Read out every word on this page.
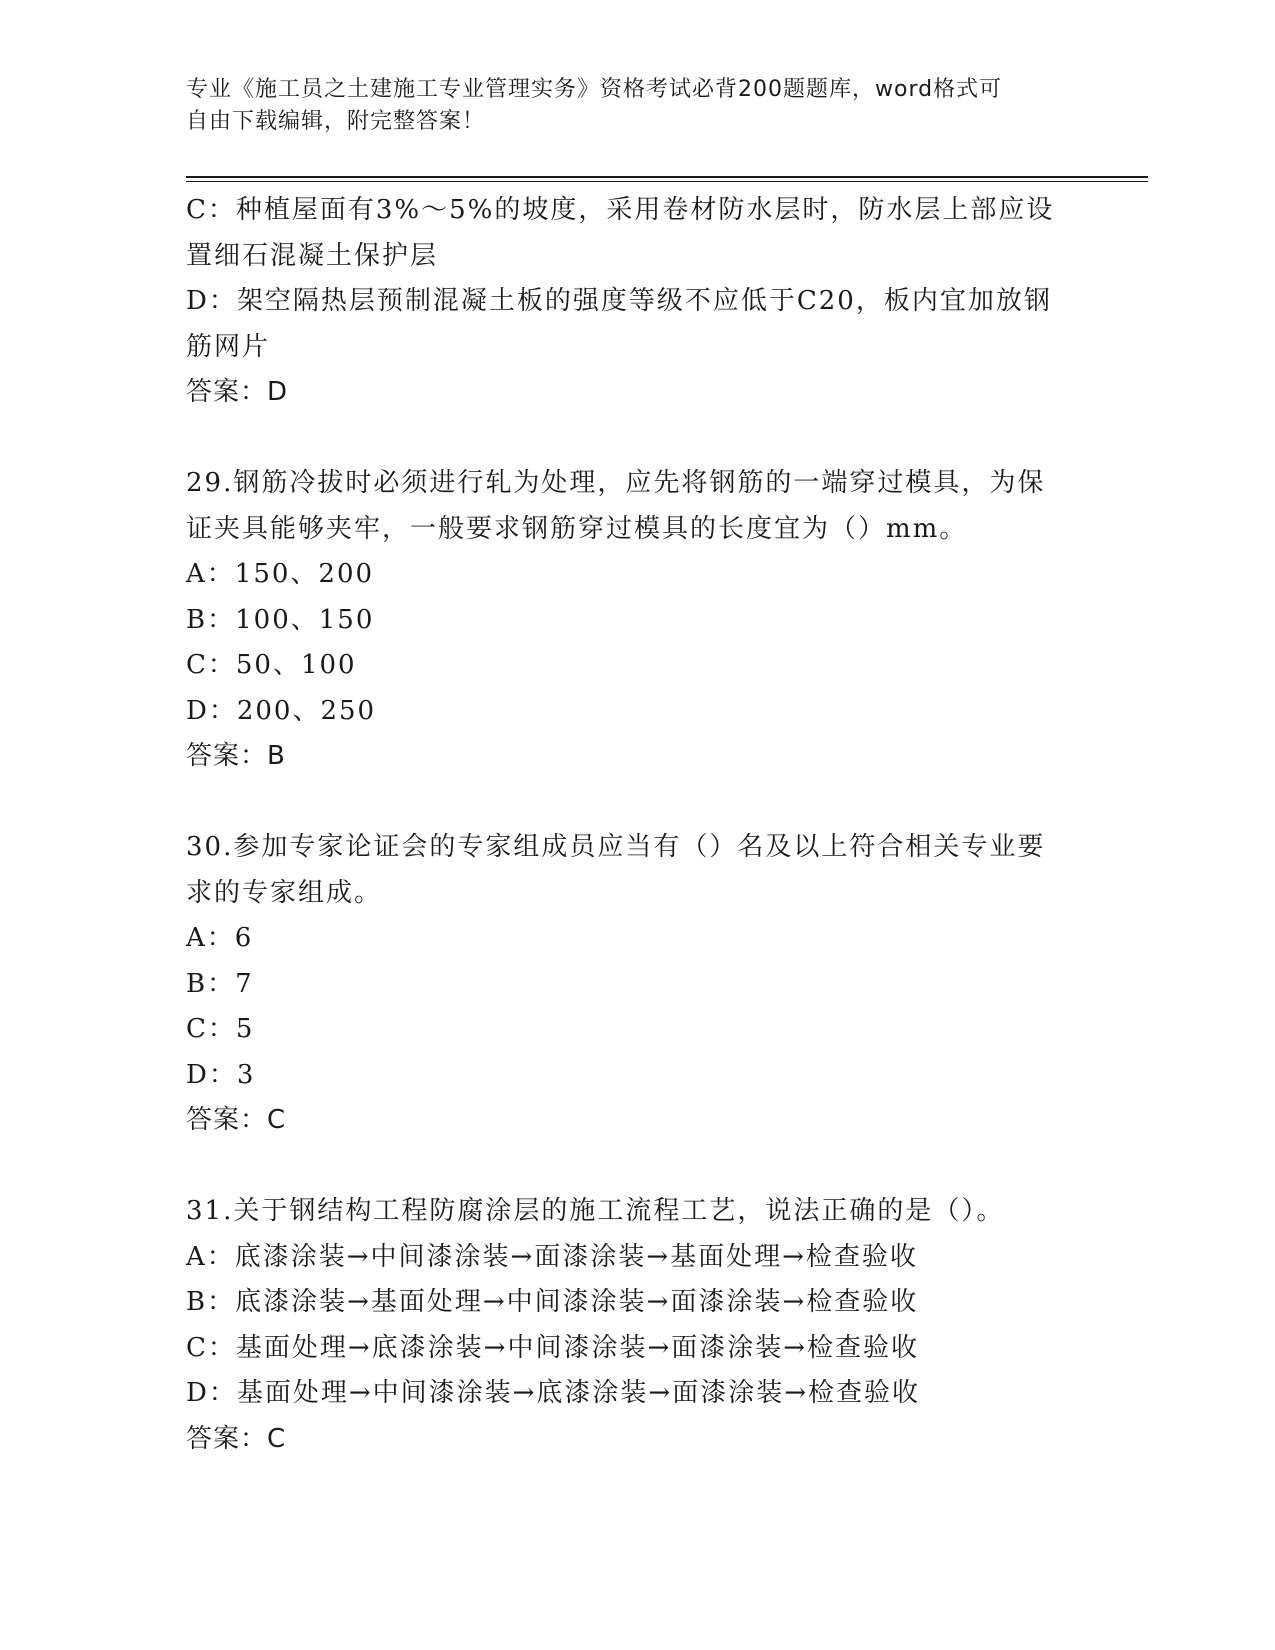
专业《施工员之土建施工专业管理实务》资格考试必背200题题库，word格式可
自由下载编辑，附完整答案！
C：种植屋面有3%～5%的坡度，采用卷材防水层时，防水层上部应设
置细石混凝土保护层
D：架空隔热层预制混凝土板的强度等级不应低于C20，板内宜加放钢
筋网片
答案：D
29.钢筋冷拔时必须进行轧为处理，应先将钢筋的一端穿过模具，为保
证夹具能够夹牢，一般要求钢筋穿过模具的长度宜为（）mm。
A：150、200
B：100、150
C：50、100
D：200、250
答案：B
30.参加专家论证会的专家组成员应当有（）名及以上符合相关专业要
求的专家组成。
A：6
B：7
C：5
D：3
答案：C
31.关于钢结构工程防腐涂层的施工流程工艺，说法正确的是（）。
A：底漆涂装→中间漆涂装→面漆涂装→基面处理→检查验收
B：底漆涂装→基面处理→中间漆涂装→面漆涂装→检查验收
C：基面处理→底漆涂装→中间漆涂装→面漆涂装→检查验收
D：基面处理→中间漆涂装→底漆涂装→面漆涂装→检查验收
答案：C
